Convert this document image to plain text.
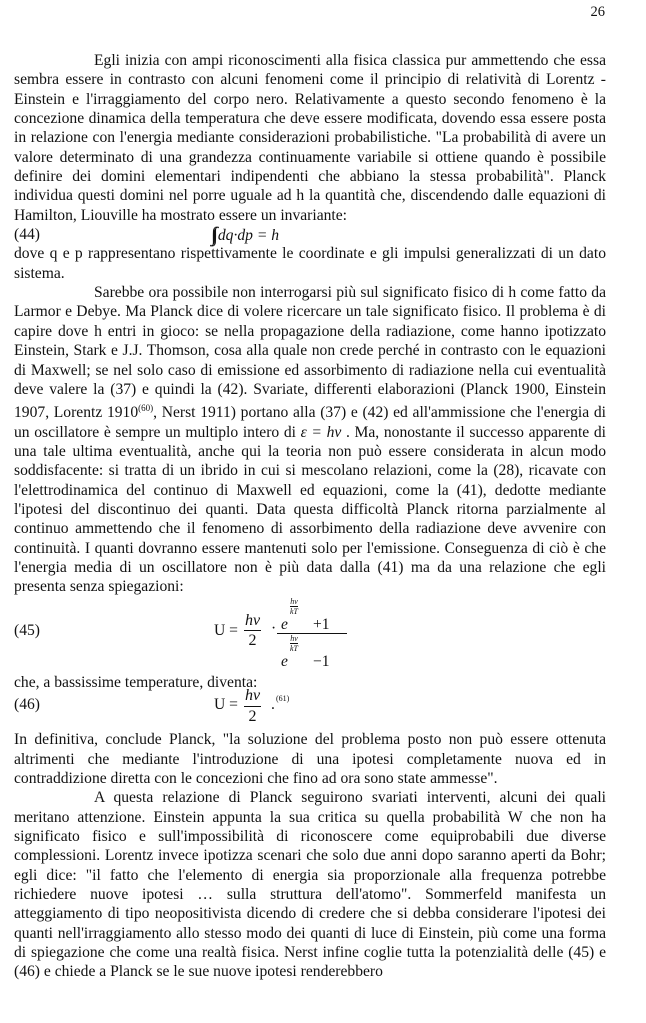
26

Egli inizia con ampi riconoscimenti alla fisica classica pur ammettendo che essa sembra essere in contrasto con alcuni fenomeni come il principio di relatività di Lorentz - Einstein e l'irraggiamento del corpo nero. Relativamente a questo secondo fenomeno è la concezione dinamica della temperatura che deve essere modificata, dovendo essa essere posta in relazione con l'energia mediante considerazioni probabilistiche. "La probabilità di avere un valore determinato di una grandezza continuamente variabile si ottiene quando è possibile definire dei domini elementari indipendenti che abbiano la stessa probabilità". Planck individua questi domini nel porre uguale ad h la quantità che, discendendo dalle equazioni di Hamilton, Liouville ha mostrato essere un invariante:

(44)	∫∫ dq·dp = h

dove q e p rappresentano rispettivamente le coordinate e gli impulsi generalizzati di un dato sistema.

Sarebbe ora possibile non interrogarsi più sul significato fisico di h come fatto da Larmor e Debye. Ma Planck dice di volere ricercare un tale significato fisico. Il problema è di capire dove h entri in gioco: se nella propagazione della radiazione, come hanno ipotizzato Einstein, Stark e J.J. Thomson, cosa alla quale non crede perché in contrasto con le equazioni di Maxwell; se nel solo caso di emissione ed assorbimento di radiazione nella cui eventualità deve valere la (37) e quindi la (42). Svariate, differenti elaborazioni (Planck 1900, Einstein 1907, Lorentz 1910$^{(60)}$, Nerst 1911) portano alla (37) e (42) ed all'ammissione che l'energia di un oscillatore è sempre un multiplo intero di ε = hν . Ma, nonostante il successo apparente di una tale ultima eventualità, anche qui la teoria non può essere considerata in alcun modo soddisfacente: si tratta di un ibrido in cui si mescolano relazioni, come la (28), ricavate con l'elettrodinamica del continuo di Maxwell ed equazioni, come la (41), dedotte mediante l'ipotesi del discontinuo dei quanti. Data questa difficoltà Planck ritorna parzialmente al continuo ammettendo che il fenomeno di assorbimento della radiazione deve avvenire con continuità. I quanti dovranno essere mantenuti solo per l'emissione. Conseguenza di ciò è che l'energia media di un oscillatore non è più data dalla (41) ma da una relazione che egli presenta senza spiegazioni:

(45)	$U = \frac{h\nu}{2} \cdot e$
$\frac{h\nu}{kT}$
+1
e
$\frac{h\nu}{kT}$
−1

che, a bassissime temperature, diventa:

(46)	$U = \frac{h\nu}{2}$ . (61)

In definitiva, conclude Planck, "la soluzione del problema posto non può essere ottenuta altrimenti che mediante l'introduzione di una ipotesi completamente nuova ed in contraddizione diretta con le concezioni che fino ad ora sono state ammesse".

A questa relazione di Planck seguirono svariati interventi, alcuni dei quali meritano attenzione. Einstein appunta la sua critica su quella probabilità W che non ha significato fisico e sull'impossibilità di riconoscere come equiprobabili due diverse complessioni. Lorentz invece ipotizza scenari che solo due anni dopo saranno aperti da Bohr; egli dice: "il fatto che l'elemento di energia sia proporzionale alla frequenza potrebbe richiedere nuove ipotesi … sulla struttura dell'atomo". Sommerfeld manifesta un atteggiamento di tipo neopositivista dicendo di credere che si debba considerare l'ipotesi dei quanti nell'irraggiamento allo stesso modo dei quanti di luce di Einstein, più come una forma di spiegazione che come una realtà fisica. Nerst infine coglie tutta la potenzialità delle (45) e (46) e chiede a Planck se le sue nuove ipotesi renderebbero
